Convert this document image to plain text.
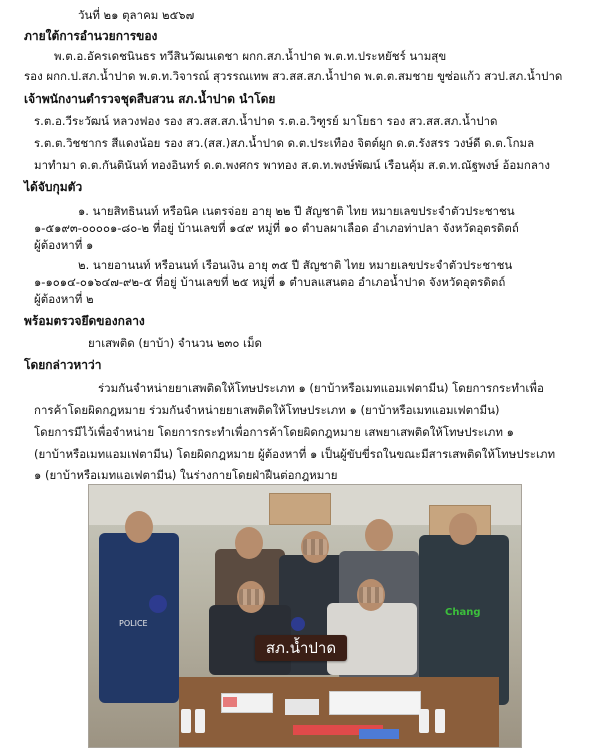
วันที่ ๒๑ ตุลาคม ๒๕๖๗
ภายใต้การอำนวยการของ
พ.ต.อ.อัครเดชนินธร ทวีสินวัฒนเดชา ผกก.สภ.น้ำปาด พ.ต.ท.ประหยัชร์ นามสุข
รอง ผกก.ป.สภ.น้ำปาด พ.ต.ท.วิจารณ์ สุวรรณเทพ สว.สส.สภ.น้ำปาด พ.ต.ต.สมชาย ขูซ่อแก้ว สวป.สภ.น้ำปาด
เจ้าพนักงานตำรวจชุดสืบสวน สภ.น้ำปาด นำโดย
ร.ต.อ.วีระวัฒน์ หลวงฟอง รอง สว.สส.สภ.น้ำปาด ร.ต.อ.วิฑูรย์ มาโยธา รอง สว.สส.สภ.น้ำปาด
ร.ต.ต.วิชชากร สีแดงน้อย รอง สว.(สส.)สภ.น้ำปาด ด.ต.ประเทือง จิตต์ผูก ด.ต.รังสรร วงษ์ดี ด.ต.โกมล
มาทำมา ด.ต.กันตินันท์ ทองอินทร์ ด.ต.พงศกร พาทอง ส.ต.ท.พงษ์พัฒน์ เรือนคุ้ม ส.ต.ท.ณัฐพงษ์ อ้อมกลาง
ได้จับกุมตัว
๑. นายสิทธินนท์ หรือนิค เนตรจ่อย อายุ ๒๒ ปี สัญชาติ ไทย หมายเลขประจำตัวประชาชน
๑-๕๑๙๓-๐๐๐๐๑-๘๐-๒ ที่อยู่ บ้านเลขที่ ๑๔๙ หมู่ที่ ๑๐ ตำบลผาเลือด อำเภอท่าปลา จังหวัดอุตรดิตถ์
ผู้ต้องหาที่ ๑
๒. นายอานนท์ หรือนนท์ เรือนเงิน อายุ ๓๕ ปี สัญชาติ ไทย หมายเลขประจำตัวประชาชน
๑-๑๐๑๔-๐๑๖๔๗-๙๒-๕ ที่อยู่ บ้านเลขที่ ๒๕ หมู่ที่ ๑ ตำบลแสนตอ อำเภอน้ำปาด จังหวัดอุตรดิตถ์
ผู้ต้องหาที่ ๒
พร้อมตรวจยึดของกลาง
ยาเสพติด (ยาบ้า) จำนวน ๒๓๐ เม็ด
โดยกล่าวหาว่า
ร่วมกันจำหน่ายยาเสพติดให้โทษประเภท ๑ (ยาบ้าหรือเมทแอมเฟตามีน) โดยการกระทำเพื่อ
การค้าโดยผิดกฎหมาย ร่วมกันจำหน่ายยาเสพติดให้โทษประเภท ๑ (ยาบ้าหรือเมทแอมเฟตามีน)
โดยการมีไว้เพื่อจำหน่าย โดยการกระทำเพื่อการค้าโดยผิดกฎหมาย เสพยาเสพติดให้โทษประเภท ๑
(ยาบ้าหรือเมทแอมเฟตามีน) โดยผิดกฎหมาย ผู้ต้องหาที่ ๑ เป็นผู้ขับขี่รถในขณะมีสารเสพติดให้โทษประเภท
๑ (ยาบ้าหรือเมทแอเฟตามีน) ในร่างกายโดยฝ่าฝืนต่อกฎหมาย
POLICE
Chang
สภ.น้ำปาด
